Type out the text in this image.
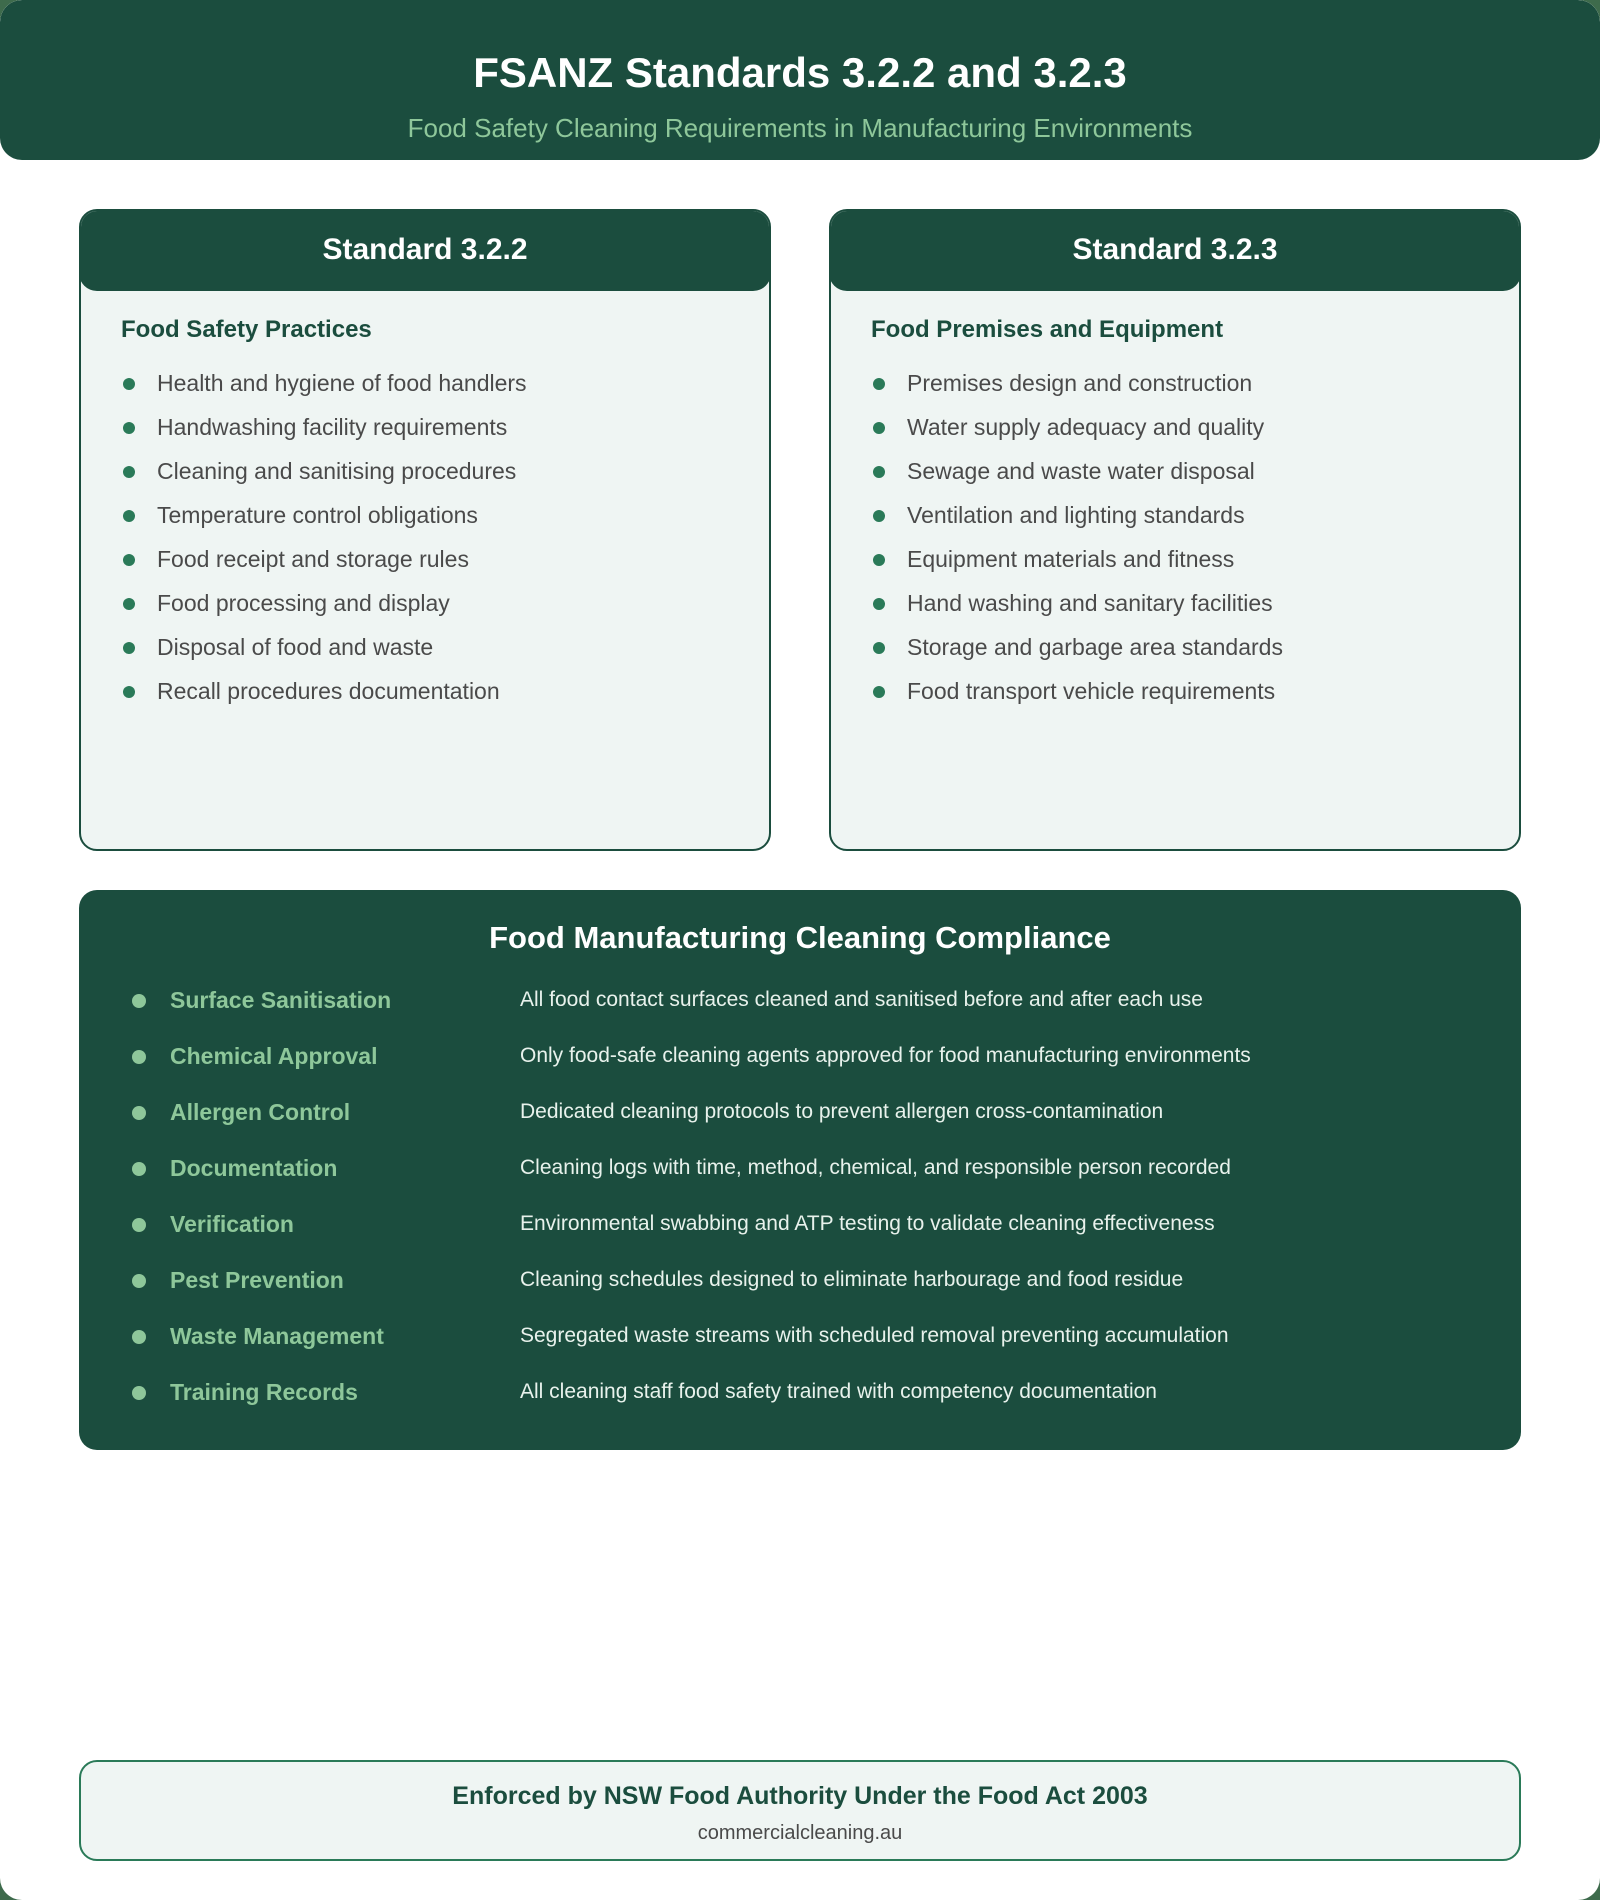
FSANZ Standards 3.2.2 and 3.2.3
Food Safety Cleaning Requirements in Manufacturing Environments
Standard 3.2.2
Food Safety Practices
Health and hygiene of food handlers
Handwashing facility requirements
Cleaning and sanitising procedures
Temperature control obligations
Food receipt and storage rules
Food processing and display
Disposal of food and waste
Recall procedures documentation
Standard 3.2.3
Food Premises and Equipment
Premises design and construction
Water supply adequacy and quality
Sewage and waste water disposal
Ventilation and lighting standards
Equipment materials and fitness
Hand washing and sanitary facilities
Storage and garbage area standards
Food transport vehicle requirements
Food Manufacturing Cleaning Compliance
Surface Sanitisation	All food contact surfaces cleaned and sanitised before and after each use
Chemical Approval	Only food-safe cleaning agents approved for food manufacturing environments
Allergen Control	Dedicated cleaning protocols to prevent allergen cross-contamination
Documentation	Cleaning logs with time, method, chemical, and responsible person recorded
Verification	Environmental swabbing and ATP testing to validate cleaning effectiveness
Pest Prevention	Cleaning schedules designed to eliminate harbourage and food residue
Waste Management	Segregated waste streams with scheduled removal preventing accumulation
Training Records	All cleaning staff food safety trained with competency documentation
Enforced by NSW Food Authority Under the Food Act 2003
commercialcleaning.au
